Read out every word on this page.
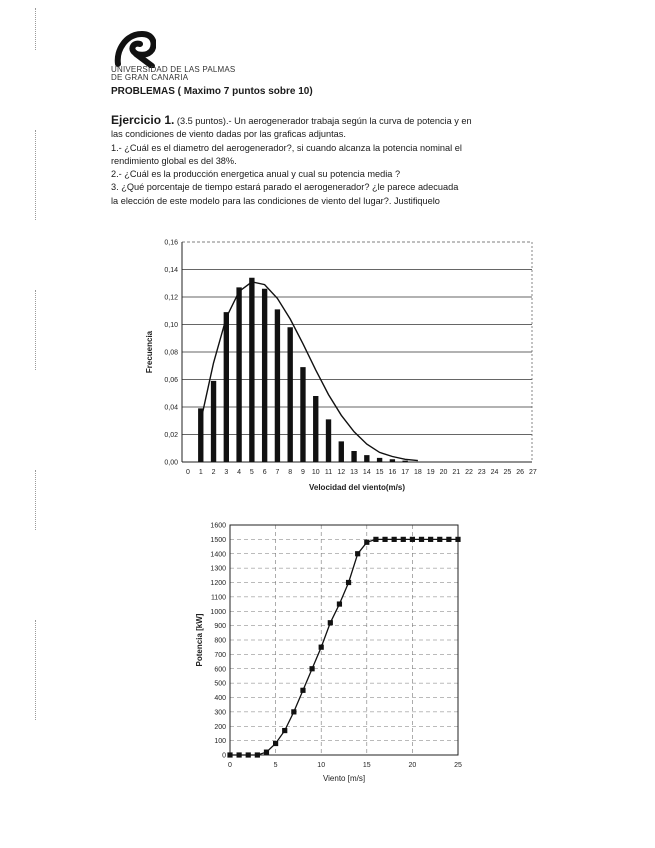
UNIVERSIDAD DE LAS PALMAS
DE GRAN CANARIA
PROBLEMAS ( Maximo 7 puntos sobre 10)

Ejercicio 1. (3.5 puntos).- Un aerogenerador trabaja según la curva de potencia y en

las condiciones de viento dadas por las graficas adjuntas.

1.- ¿Cuál es el diametro del aerogenerador?, si cuando alcanza la potencia nominal el

rendimiento global es del 38%.

2.- ¿Cuál es la producción energetica anual y cual su potencia media ?

3. ¿Qué porcentaje de tiempo estará parado el aerogenerador? ¿le parece adecuada

la elección de este modelo para las condiciones de viento del lugar?. Justifiquelo

0,00
0,02
0,04
0,06
0,08
0,10
0,12
0,14
0,16
0 1 2 3 4 5 6 7 8 9 10 11 12 13 14 15 16 17 18 19 20 21 22 23 24 25 26 27
Velocidad del viento(m/s)
Frecuencia
0
100
200
300
400
500
600
700
800
900
1000
1100
1200
1300
1400
1500
1600
0	5	10	15	20	25
Viento [m/s]
Potencia [kW]
